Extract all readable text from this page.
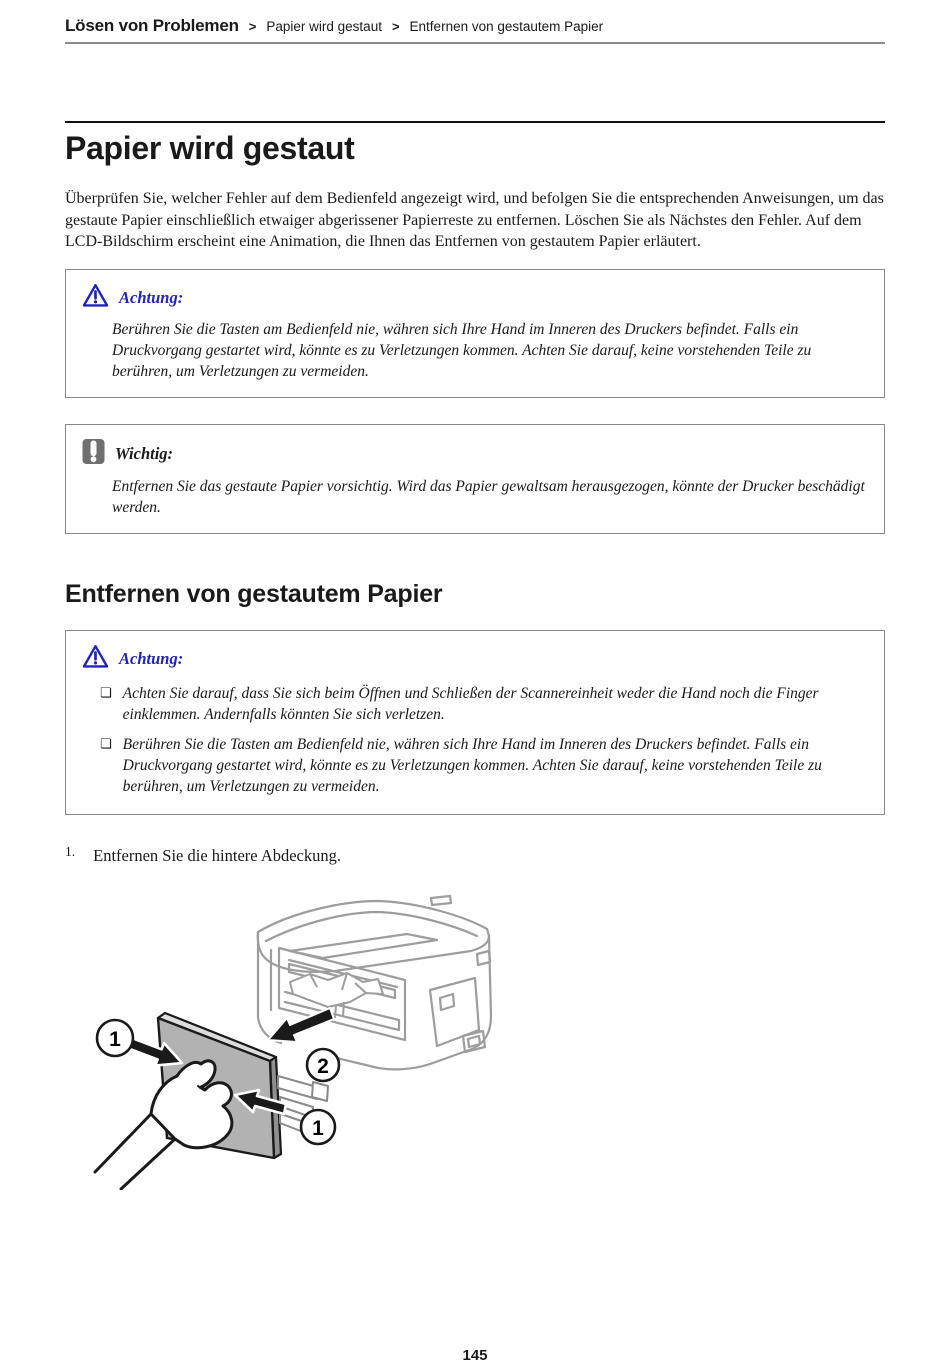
Lösen von Problemen > Papier wird gestaut > Entfernen von gestautem Papier
Papier wird gestaut

Überprüfen Sie, welcher Fehler auf dem Bedienfeld angezeigt wird, und befolgen Sie die entsprechenden Anweisungen, um das gestaute Papier einschließlich etwaiger abgerissener Papierreste zu entfernen. Löschen Sie als Nächstes den Fehler. Auf dem LCD-Bildschirm erscheint eine Animation, die Ihnen das Entfernen von gestautem Papier erläutert.

Achtung:

Berühren Sie die Tasten am Bedienfeld nie, währen sich Ihre Hand im Inneren des Druckers befindet. Falls ein Druckvorgang gestartet wird, könnte es zu Verletzungen kommen. Achten Sie darauf, keine vorstehenden Teile zu berühren, um Verletzungen zu vermeiden.

Wichtig:

Entfernen Sie das gestaute Papier vorsichtig. Wird das Papier gewaltsam herausgezogen, könnte der Drucker beschädigt werden.

Entfernen von gestautem Papier
Achtung:
❏ Achten Sie darauf, dass Sie sich beim Öffnen und Schließen der Scannereinheit weder die Hand noch die Finger einklemmen. Andernfalls könnten Sie sich verletzen.
❏ Berühren Sie die Tasten am Bedienfeld nie, währen sich Ihre Hand im Inneren des Druckers befindet. Falls ein Druckvorgang gestartet wird, könnte es zu Verletzungen kommen. Achten Sie darauf, keine vorstehenden Teile zu berühren, um Verletzungen zu vermeiden.
$^{1.}$ Entfernen Sie die hintere Abdeckung.
1
2
1
145
